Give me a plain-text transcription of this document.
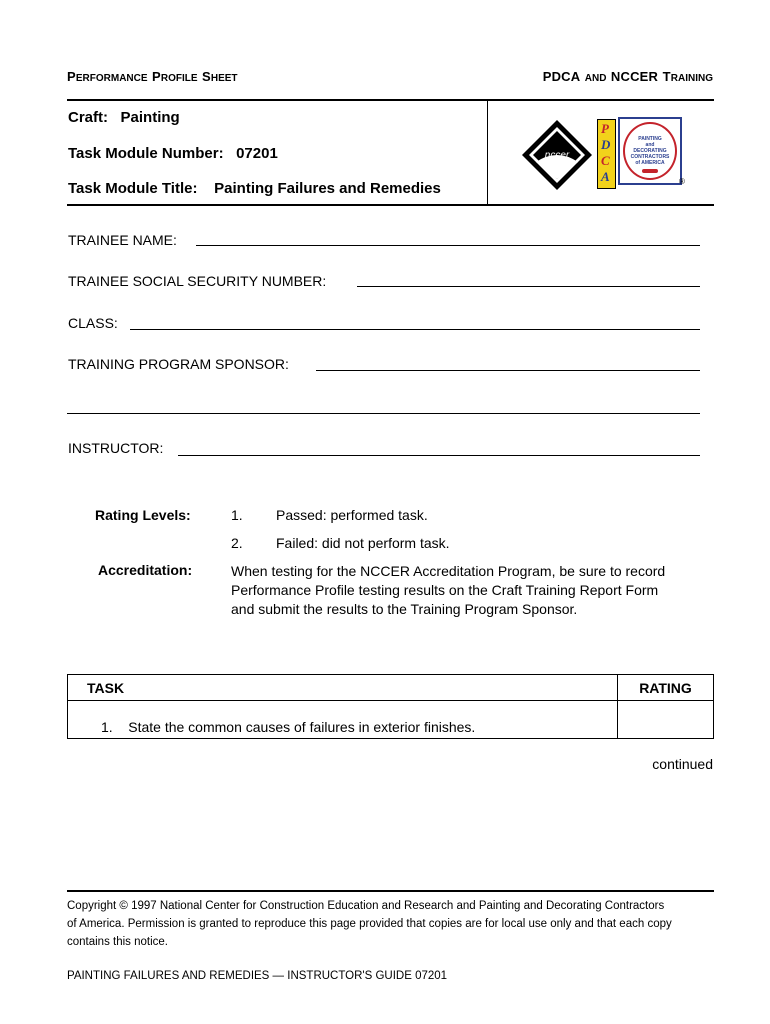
PERFORMANCE PROFILE SHEET	PDCA AND NCCER TRAINING
Craft: Painting
Task Module Number: 07201
Task Module Title: Painting Failures and Remedies
nccer
P
D
C
A
PAINTING
and
DECORATING
CONTRACTORS
of AMERICA
®
TRAINEE NAME:
TRAINEE SOCIAL SECURITY NUMBER:
CLASS:
TRAINING PROGRAM SPONSOR:
INSTRUCTOR:
Rating Levels:	1. Passed: performed task.
2. Failed: did not perform task.
Accreditation:	When testing for the NCCER Accreditation Program, be sure to record
Performance Profile testing results on the Craft Training Report Form
and submit the results to the Training Program Sponsor.
TASK	RATING
1. State the common causes of failures in exterior finishes.	
continued
Copyright © 1997 National Center for Construction Education and Research and Painting and Decorating Contractors
of America. Permission is granted to reproduce this page provided that copies are for local use only and that each copy
contains this notice.
PAINTING FAILURES AND REMEDIES — INSTRUCTOR'S GUIDE 07201
